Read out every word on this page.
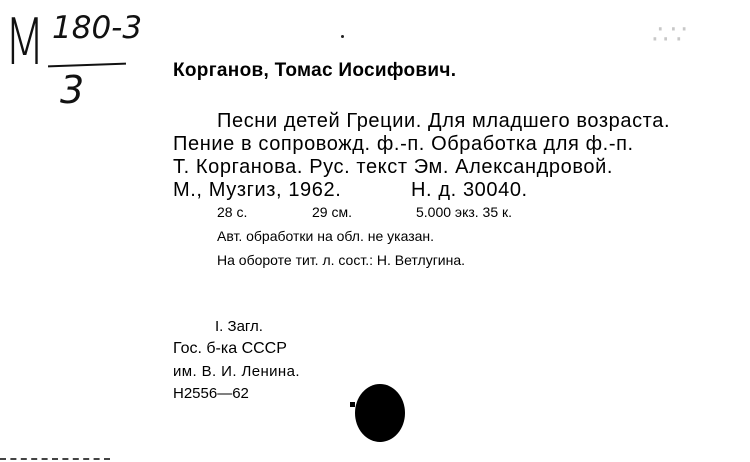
M 180-3
3
∴∵
Корганов, Томас Иосифович.
Песни детей Греции. Для младшего возраста.
Пение в сопровожд. ф.-п. Обработка для ф.-п.
Т. Корганова. Рус. текст Эм. Александровой.
М., Музгиз, 1962.	Н. д. 30040.
28 с.	29 см.	5.000 экз. 35 к.
Авт. обработки на обл. не указан.
На обороте тит. л. сост.: Н. Ветлугина.
I. Загл.
Гос. б-ка СССР
им. В. И. Ленина.
Н2556—62
